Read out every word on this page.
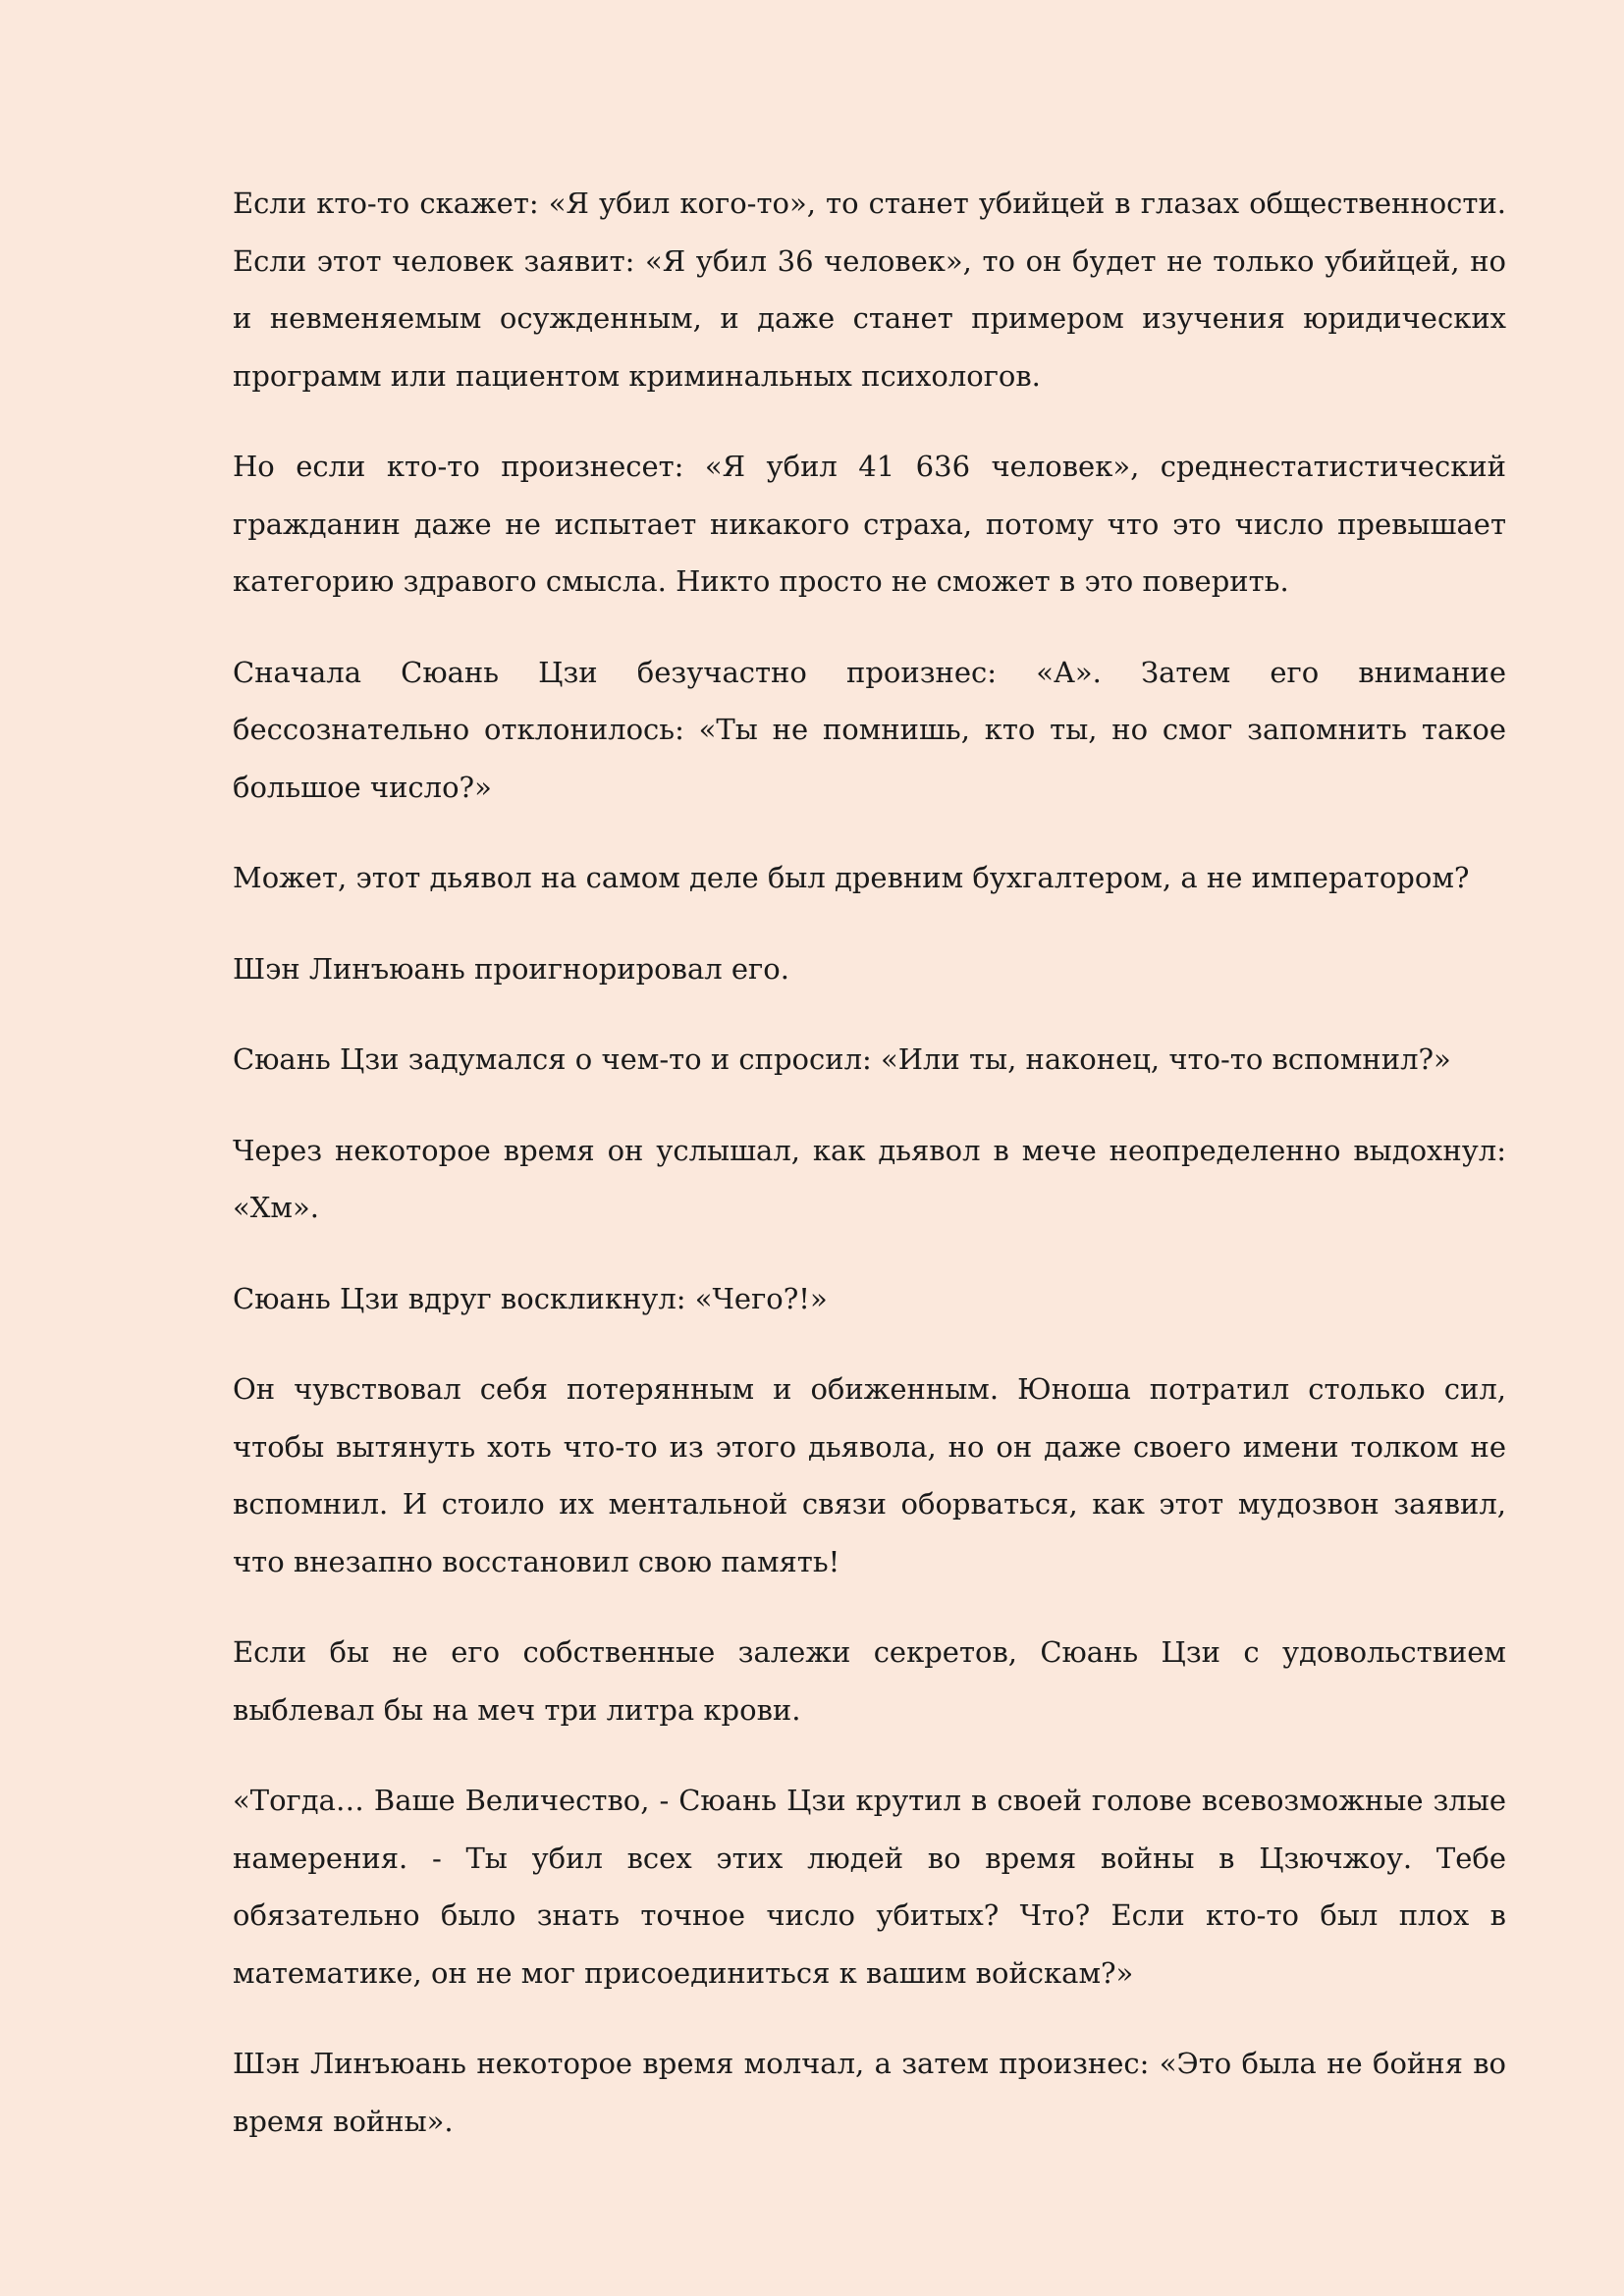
Если кто-то скажет: «Я убил кого-то», то станет убийцей в глазах общественности. Если этот человек заявит: «Я убил 36 человек», то он будет не только убийцей, но и невменяемым осужденным, и даже станет примером изучения юридических программ или пациентом криминальных психологов.

Но если кто-то произнесет: «Я убил 41 636 человек», среднестатистический гражданин даже не испытает никакого страха, потому что это число превышает категорию здравого смысла. Никто просто не сможет в это поверить.

Сначала Сюань Цзи безучастно произнес: «А». Затем его внимание бессознательно отклонилось: «Ты не помнишь, кто ты, но смог запомнить такое большое число?»

Может, этот дьявол на самом деле был древним бухгалтером, а не императором?

Шэн Линъюань проигнорировал его.

Сюань Цзи задумался о чем-то и спросил: «Или ты, наконец, что-то вспомнил?»

Через некоторое время он услышал, как дьявол в мече неопределенно выдохнул: «Хм».

Сюань Цзи вдруг воскликнул: «Чего?!»

Он чувствовал себя потерянным и обиженным. Юноша потратил столько сил, чтобы вытянуть хоть что-то из этого дьявола, но он даже своего имени толком не вспомнил. И стоило их ментальной связи оборваться, как этот мудозвон заявил, что внезапно восстановил свою память!

Если бы не его собственные залежи секретов, Сюань Цзи с удовольствием выблевал бы на меч три литра крови.

«Тогда… Ваше Величество, - Сюань Цзи крутил в своей голове всевозможные злые намерения. - Ты убил всех этих людей во время войны в Цзючжоу. Тебе обязательно было знать точное число убитых? Что? Если кто-то был плох в математике, он не мог присоединиться к вашим войскам?»

Шэн Линъюань некоторое время молчал, а затем произнес: «Это была не бойня во время войны».
